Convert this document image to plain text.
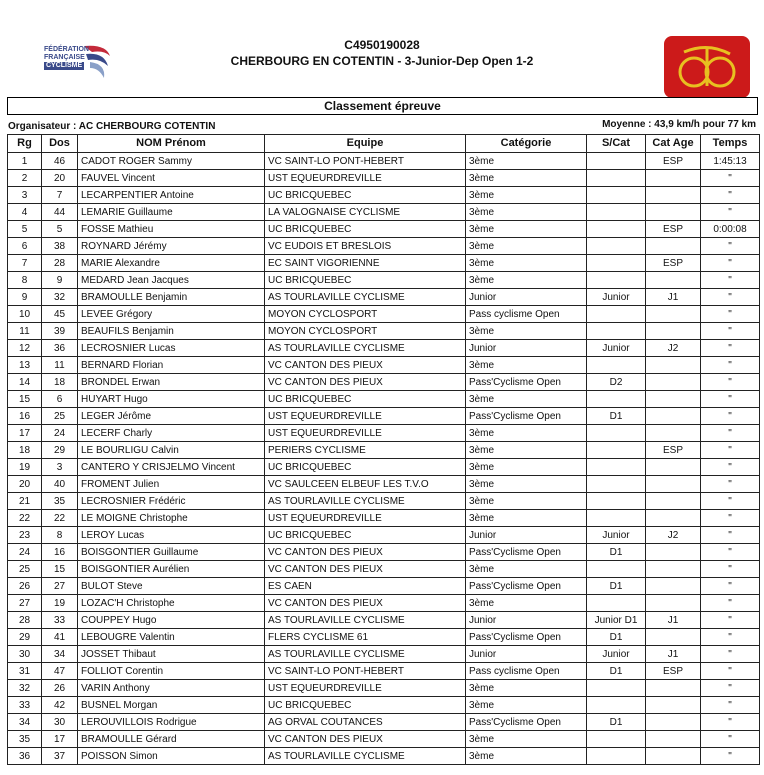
FÉDÉRATION
FRANÇAISE
CYCLISME
C4950190028
CHERBOURG EN COTENTIN - 3-Junior-Dep Open 1-2
Classement épreuve
Organisateur : AC CHERBOURG COTENTIN	Moyenne : 43,9 km/h pour 77 km
Rg	Dos	NOM Prénom	Equipe	Catégorie	S/Cat	Cat Age	Temps
1	46	CADOT ROGER Sammy	VC SAINT-LO PONT-HEBERT	3ème		ESP	1:45:13
2	20	FAUVEL Vincent	UST EQUEURDREVILLE	3ème			"
3	7	LECARPENTIER Antoine	UC BRICQUEBEC	3ème			"
4	44	LEMARIE Guillaume	LA VALOGNAISE CYCLISME	3ème			"
5	5	FOSSE Mathieu	UC BRICQUEBEC	3ème		ESP	0:00:08
6	38	ROYNARD Jérémy	VC EUDOIS ET BRESLOIS	3ème			"
7	28	MARIE Alexandre	EC SAINT VIGORIENNE	3ème		ESP	"
8	9	MEDARD Jean Jacques	UC BRICQUEBEC	3ème			"
9	32	BRAMOULLE Benjamin	AS TOURLAVILLE CYCLISME	Junior	Junior	J1	"
10	45	LEVEE Grégory	MOYON CYCLOSPORT	Pass cyclisme Open			"
11	39	BEAUFILS Benjamin	MOYON CYCLOSPORT	3ème			"
12	36	LECROSNIER Lucas	AS TOURLAVILLE CYCLISME	Junior	Junior	J2	"
13	11	BERNARD Florian	VC CANTON DES PIEUX	3ème			"
14	18	BRONDEL Erwan	VC CANTON DES PIEUX	Pass'Cyclisme Open	D2		"
15	6	HUYART Hugo	UC BRICQUEBEC	3ème			"
16	25	LEGER Jérôme	UST EQUEURDREVILLE	Pass'Cyclisme Open	D1		"
17	24	LECERF Charly	UST EQUEURDREVILLE	3ème			"
18	29	LE BOURLIGU Calvin	PERIERS CYCLISME	3ème		ESP	"
19	3	CANTERO Y CRISJELMO Vincent	UC BRICQUEBEC	3ème			"
20	40	FROMENT Julien	VC SAULCEEN ELBEUF LES T.V.O	3ème			"
21	35	LECROSNIER Frédéric	AS TOURLAVILLE CYCLISME	3ème			"
22	22	LE MOIGNE Christophe	UST EQUEURDREVILLE	3ème			"
23	8	LEROY Lucas	UC BRICQUEBEC	Junior	Junior	J2	"
24	16	BOISGONTIER Guillaume	VC CANTON DES PIEUX	Pass'Cyclisme Open	D1		"
25	15	BOISGONTIER Aurélien	VC CANTON DES PIEUX	3ème			"
26	27	BULOT Steve	ES CAEN	Pass'Cyclisme Open	D1		"
27	19	LOZAC'H Christophe	VC CANTON DES PIEUX	3ème			"
28	33	COUPPEY Hugo	AS TOURLAVILLE CYCLISME	Junior	Junior D1	J1	"
29	41	LEBOUGRE Valentin	FLERS CYCLISME 61	Pass'Cyclisme Open	D1		"
30	34	JOSSET Thibaut	AS TOURLAVILLE CYCLISME	Junior	Junior	J1	"
31	47	FOLLIOT Corentin	VC SAINT-LO PONT-HEBERT	Pass cyclisme Open	D1	ESP	"
32	26	VARIN Anthony	UST EQUEURDREVILLE	3ème			"
33	42	BUSNEL Morgan	UC BRICQUEBEC	3ème			"
34	30	LEROUVILLOIS Rodrigue	AG ORVAL COUTANCES	Pass'Cyclisme Open	D1		"
35	17	BRAMOULLE Gérard	VC CANTON DES PIEUX	3ème			"
36	37	POISSON Simon	AS TOURLAVILLE CYCLISME	3ème			"
